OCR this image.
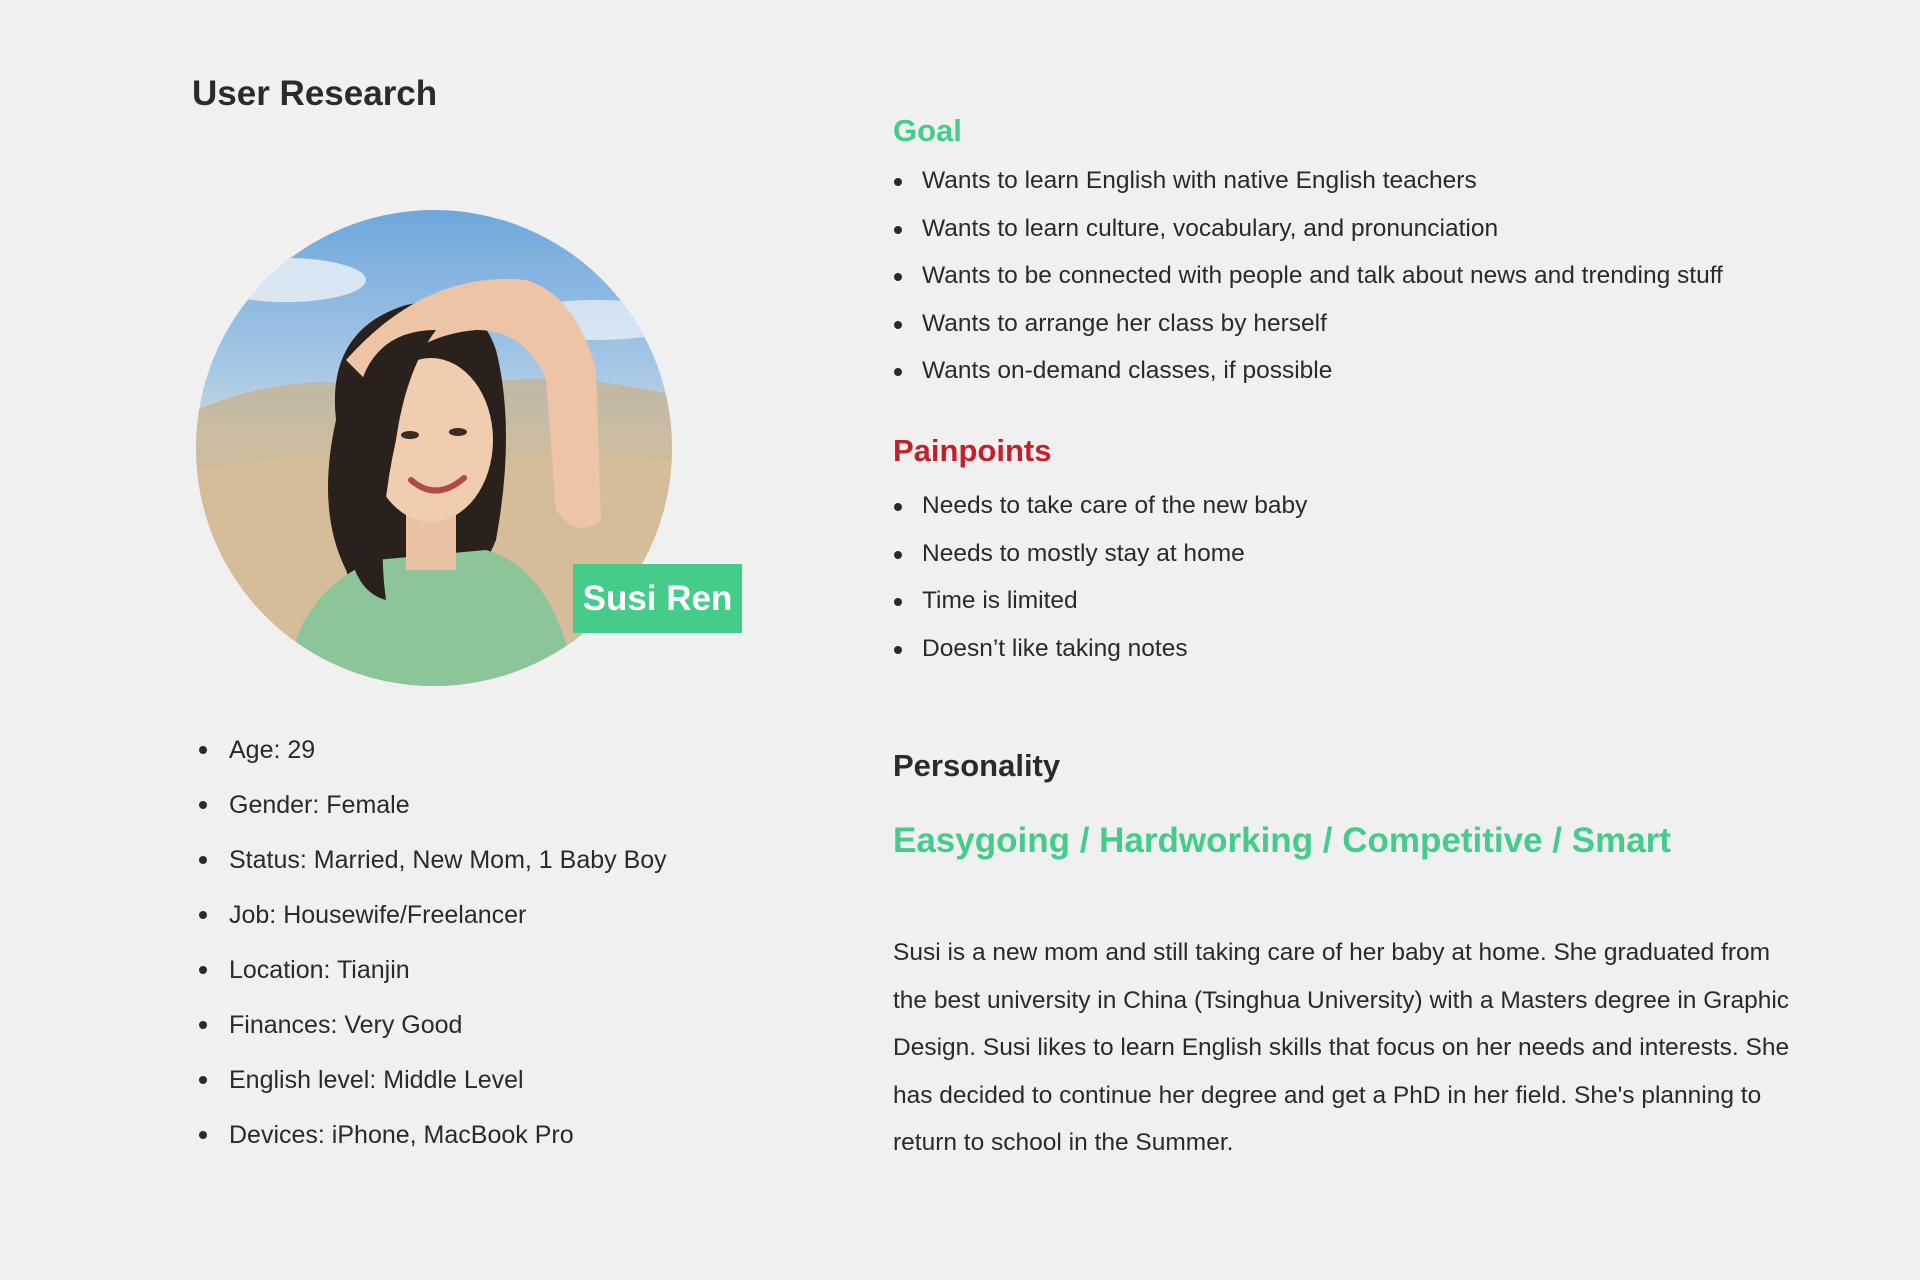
User Research
Susi Ren
Age: 29
Gender: Female
Status: Married, New Mom, 1 Baby Boy
Job: Housewife/Freelancer
Location: Tianjin
Finances: Very Good
English level: Middle Level
Devices: iPhone, MacBook Pro
Goal
Wants to learn English with native English teachers
Wants to learn culture, vocabulary, and pronunciation
Wants to be connected with people and talk about news and trending stuff
Wants to arrange her class by herself
Wants on-demand classes, if possible
Painpoints
Needs to take care of the new baby
Needs to mostly stay at home
Time is limited
Doesn’t like taking notes
Personality
Easygoing / Hardworking / Competitive / Smart

Susi is a new mom and still taking care of her baby at home. She graduated from the best university in China (Tsinghua University) with a Masters degree in Graphic Design. Susi likes to learn English skills that focus on her needs and interests. She has decided to continue her degree and get a PhD in her field. She's planning to return to school in the Summer.
